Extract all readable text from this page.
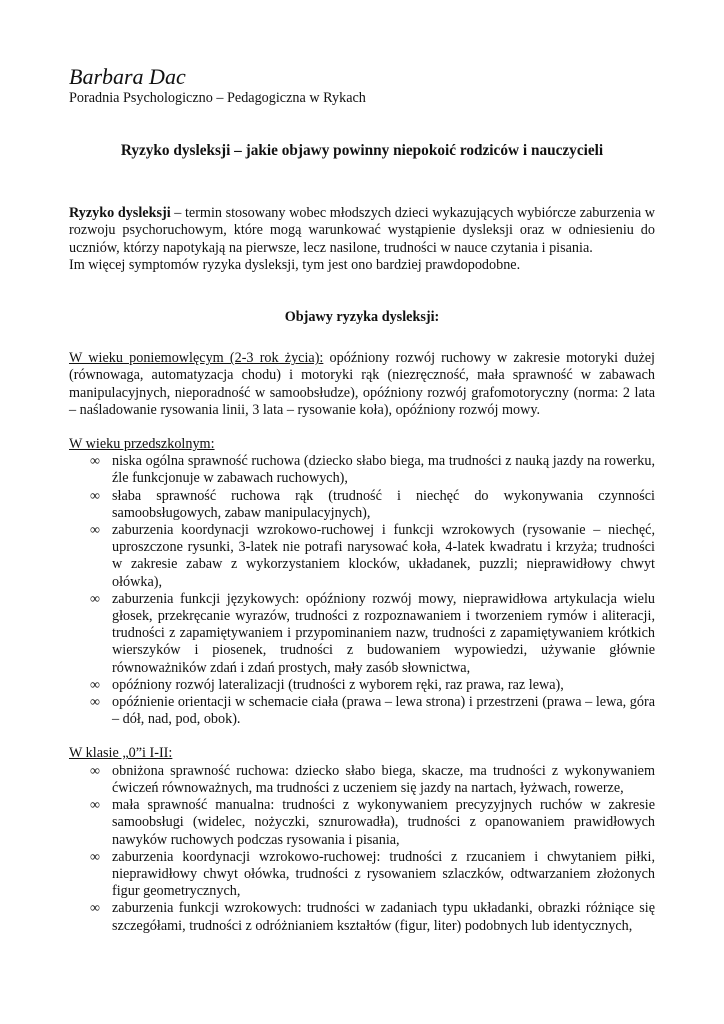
Barbara Dac

Poradnia Psychologiczno – Pedagogiczna w Rykach

Ryzyko dysleksji – jakie objawy powinny niepokoić rodziców i nauczycieli

Ryzyko dysleksji – termin stosowany wobec młodszych dzieci wykazujących wybiórcze zaburzenia w rozwoju psychoruchowym, które mogą warunkować wystąpienie dysleksji oraz w odniesieniu do uczniów, którzy napotykają na pierwsze, lecz nasilone, trudności w nauce czytania i pisania.

Im więcej symptomów ryzyka dysleksji, tym jest ono bardziej prawdopodobne.

Objawy ryzyka dysleksji:

W wieku poniemowlęcym (2-3 rok życia): opóźniony rozwój ruchowy w zakresie motoryki dużej (równowaga, automatyzacja chodu) i motoryki rąk (niezręczność, mała sprawność w zabawach manipulacyjnych, nieporadność w samoobsłudze), opóźniony rozwój grafomotoryczny (norma: 2 lata – naśladowanie rysowania linii, 3 lata – rysowanie koła), opóźniony rozwój mowy.

W wieku przedszkolnym:

∞ niska ogólna sprawność ruchowa (dziecko słabo biega, ma trudności z nauką jazdy na rowerku, źle funkcjonuje w zabawach ruchowych),
∞ słaba sprawność ruchowa rąk (trudność i niechęć do wykonywania czynności samoobsługowych, zabaw manipulacyjnych),
∞ zaburzenia koordynacji wzrokowo-ruchowej i funkcji wzrokowych (rysowanie – niechęć, uproszczone rysunki, 3-latek nie potrafi narysować koła, 4-latek kwadratu i krzyża; trudności w zakresie zabaw z wykorzystaniem klocków, układanek, puzzli; nieprawidłowy chwyt ołówka),
∞ zaburzenia funkcji językowych: opóźniony rozwój mowy, nieprawidłowa artykulacja wielu głosek, przekręcanie wyrazów, trudności z rozpoznawaniem i tworzeniem rymów i aliteracji, trudności z zapamiętywaniem i przypominaniem nazw, trudności z zapamiętywaniem krótkich wierszyków i piosenek, trudności z budowaniem wypowiedzi, używanie głównie równoważników zdań i zdań prostych, mały zasób słownictwa,
∞ opóźniony rozwój lateralizacji (trudności z wyborem ręki, raz prawa, raz lewa),
∞ opóźnienie orientacji w schemacie ciała (prawa – lewa strona) i przestrzeni (prawa – lewa, góra – dół, nad, pod, obok).

W klasie „0”i I-II:

∞ obniżona sprawność ruchowa: dziecko słabo biega, skacze, ma trudności z wykonywaniem ćwiczeń równoważnych, ma trudności z uczeniem się jazdy na nartach, łyżwach, rowerze,
∞ mała sprawność manualna: trudności z wykonywaniem precyzyjnych ruchów w zakresie samoobsługi (widelec, nożyczki, sznurowadła), trudności z opanowaniem prawidłowych nawyków ruchowych podczas rysowania i pisania,
∞ zaburzenia koordynacji wzrokowo-ruchowej: trudności z rzucaniem i chwytaniem piłki, nieprawidłowy chwyt ołówka, trudności z rysowaniem szlaczków, odtwarzaniem złożonych figur geometrycznych,
∞ zaburzenia funkcji wzrokowych: trudności w zadaniach typu układanki, obrazki różniące się szczegółami, trudności z odróżnianiem kształtów (figur, liter) podobnych lub identycznych,
